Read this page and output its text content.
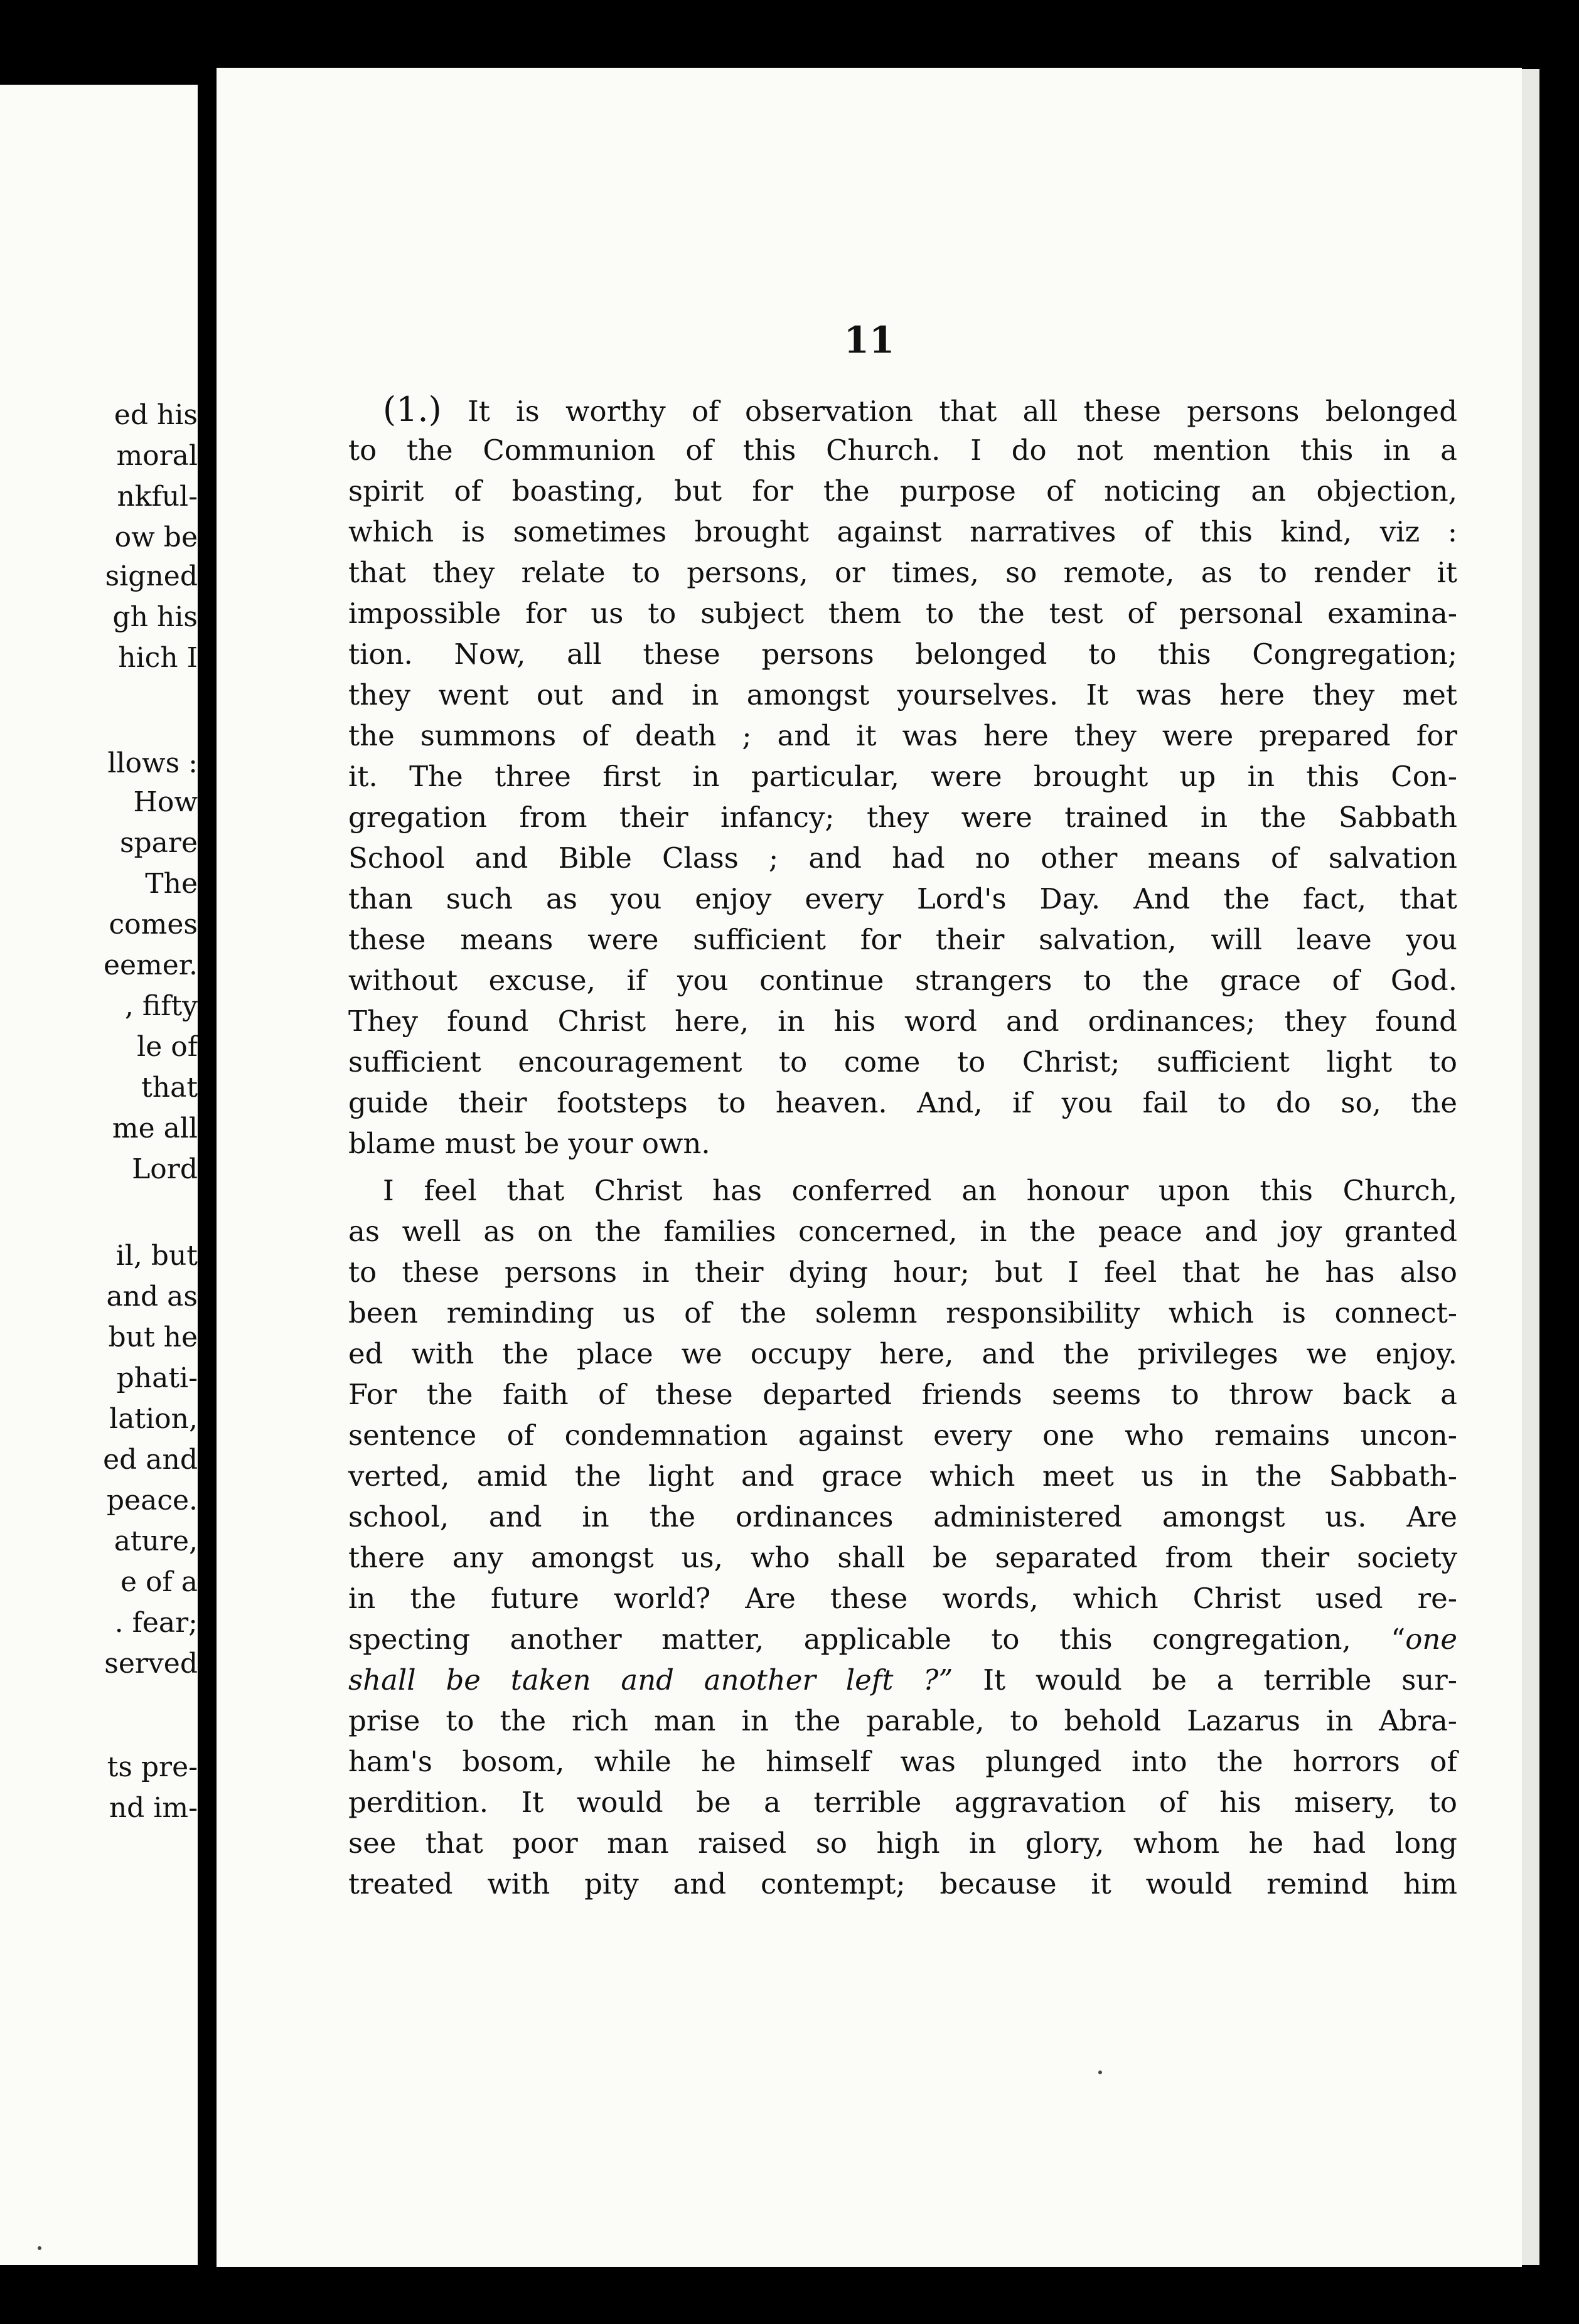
ed his

moral

nkful-

ow be

signed

gh his

hich I

llows :

How

spare

The

comes

eemer.

, fifty

le of

that

me all

Lord

il, but

and as

but he

phati-

lation,

ed and

peace.

ature,

e of a

. fear;

served

ts pre-

nd im-

11

(1.) It is worthy of observation that all these persons belonged

to the Communion of this Church. I do not mention this in a

spirit of boasting, but for the purpose of noticing an objection,

which is sometimes brought against narratives of this kind, viz :

that they relate to persons, or times, so remote, as to render it

impossible for us to subject them to the test of personal examina-

tion. Now, all these persons belonged to this Congregation;

they went out and in amongst yourselves. It was here they met

the summons of death ; and it was here they were prepared for

it. The three first in particular, were brought up in this Con-

gregation from their infancy; they were trained in the Sabbath

School and Bible Class ; and had no other means of salvation

than such as you enjoy every Lord's Day. And the fact, that

these means were sufficient for their salvation, will leave you

without excuse, if you continue strangers to the grace of God.

They found Christ here, in his word and ordinances; they found

sufficient encouragement to come to Christ; sufficient light to

guide their footsteps to heaven. And, if you fail to do so, the

blame must be your own.

I feel that Christ has conferred an honour upon this Church,

as well as on the families concerned, in the peace and joy granted

to these persons in their dying hour; but I feel that he has also

been reminding us of the solemn responsibility which is connect-

ed with the place we occupy here, and the privileges we enjoy.

For the faith of these departed friends seems to throw back a

sentence of condemnation against every one who remains uncon-

verted, amid the light and grace which meet us in the Sabbath-

school, and in the ordinances administered amongst us. Are

there any amongst us, who shall be separated from their society

in the future world? Are these words, which Christ used re-

specting another matter, applicable to this congregation, “one

shall be taken and another left ?” It would be a terrible sur-

prise to the rich man in the parable, to behold Lazarus in Abra-

ham's bosom, while he himself was plunged into the horrors of

perdition. It would be a terrible aggravation of his misery, to

see that poor man raised so high in glory, whom he had long

treated with pity and contempt; because it would remind him
